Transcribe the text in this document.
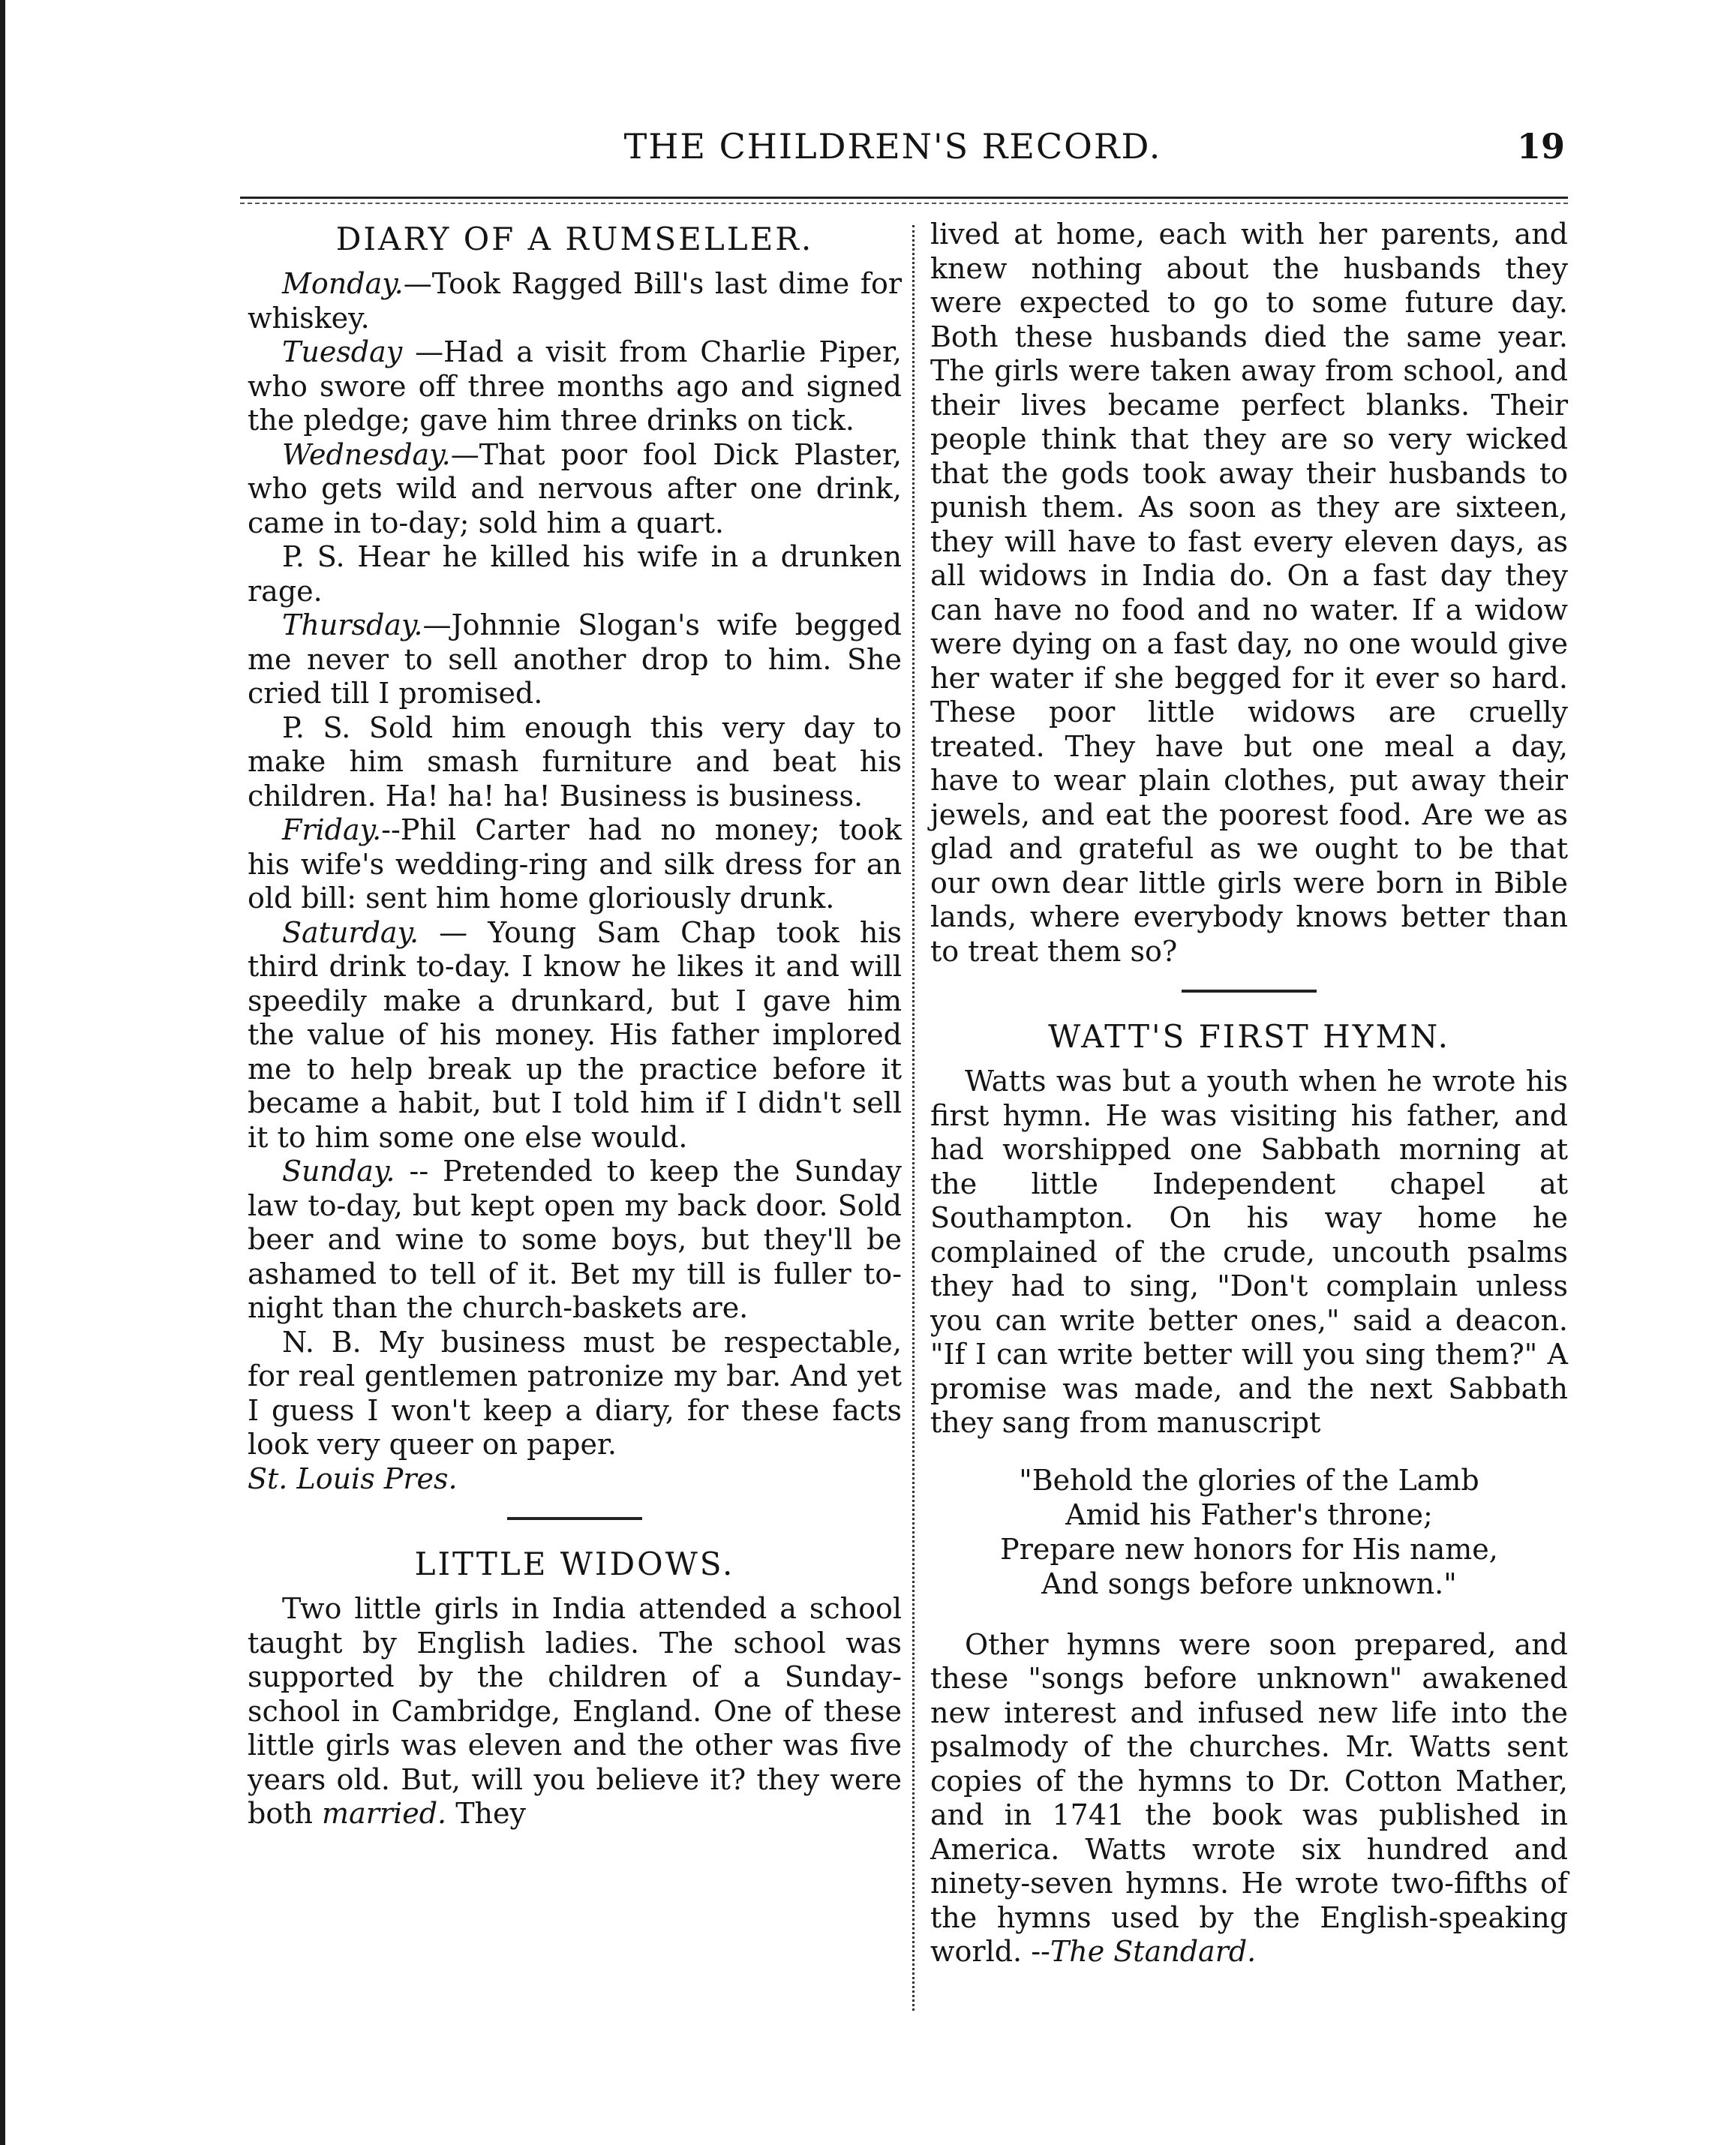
THE CHILDREN'S RECORD.	19
DIARY OF A RUMSELLER.

Monday.—Took Ragged Bill's last dime for whiskey.

Tuesday —Had a visit from Charlie Piper, who swore off three months ago and signed the pledge; gave him three drinks on tick.

Wednesday.—That poor fool Dick Plaster, who gets wild and nervous after one drink, came in to-day; sold him a quart.

P. S. Hear he killed his wife in a drunken rage.

Thursday.—Johnnie Slogan's wife begged me never to sell another drop to him. She cried till I promised.

P. S. Sold him enough this very day to make him smash furniture and beat his children. Ha! ha! ha! Business is business.

Friday.--Phil Carter had no money; took his wife's wedding-ring and silk dress for an old bill: sent him home gloriously drunk.

Saturday. — Young Sam Chap took his third drink to-day. I know he likes it and will speedily make a drunkard, but I gave him the value of his money. His father implored me to help break up the practice before it became a habit, but I told him if I didn't sell it to him some one else would.

Sunday. -- Pretended to keep the Sunday law to-day, but kept open my back door. Sold beer and wine to some boys, but they'll be ashamed to tell of it. Bet my till is fuller to-night than the church-baskets are.

N. B. My business must be respectable, for real gentlemen patronize my bar. And yet I guess I won't keep a diary, for these facts look very queer on paper.

St. Louis Pres.

LITTLE WIDOWS.

Two little girls in India attended a school taught by English ladies. The school was supported by the children of a Sunday-school in Cambridge, England. One of these little girls was eleven and the other was five years old. But, will you believe it? they were both married. They

lived at home, each with her parents, and knew nothing about the husbands they were expected to go to some future day. Both these husbands died the same year. The girls were taken away from school, and their lives became perfect blanks. Their people think that they are so very wicked that the gods took away their husbands to punish them. As soon as they are sixteen, they will have to fast every eleven days, as all widows in India do. On a fast day they can have no food and no water. If a widow were dying on a fast day, no one would give her water if she begged for it ever so hard. These poor little widows are cruelly treated. They have but one meal a day, have to wear plain clothes, put away their jewels, and eat the poorest food. Are we as glad and grateful as we ought to be that our own dear little girls were born in Bible lands, where everybody knows better than to treat them so?

WATT'S FIRST HYMN.

Watts was but a youth when he wrote his first hymn. He was visiting his father, and had worshipped one Sabbath morning at the little Independent chapel at Southampton. On his way home he complained of the crude, uncouth psalms they had to sing, "Don't complain unless you can write better ones," said a deacon. "If I can write better will you sing them?" A promise was made, and the next Sabbath they sang from manuscript

"Behold the glories of the Lamb
Amid his Father's throne;
Prepare new honors for His name,
And songs before unknown."

Other hymns were soon prepared, and these "songs before unknown" awakened new interest and infused new life into the psalmody of the churches. Mr. Watts sent copies of the hymns to Dr. Cotton Mather, and in 1741 the book was published in America. Watts wrote six hundred and ninety-seven hymns. He wrote two-fifths of the hymns used by the English-speaking world. --The Standard.
